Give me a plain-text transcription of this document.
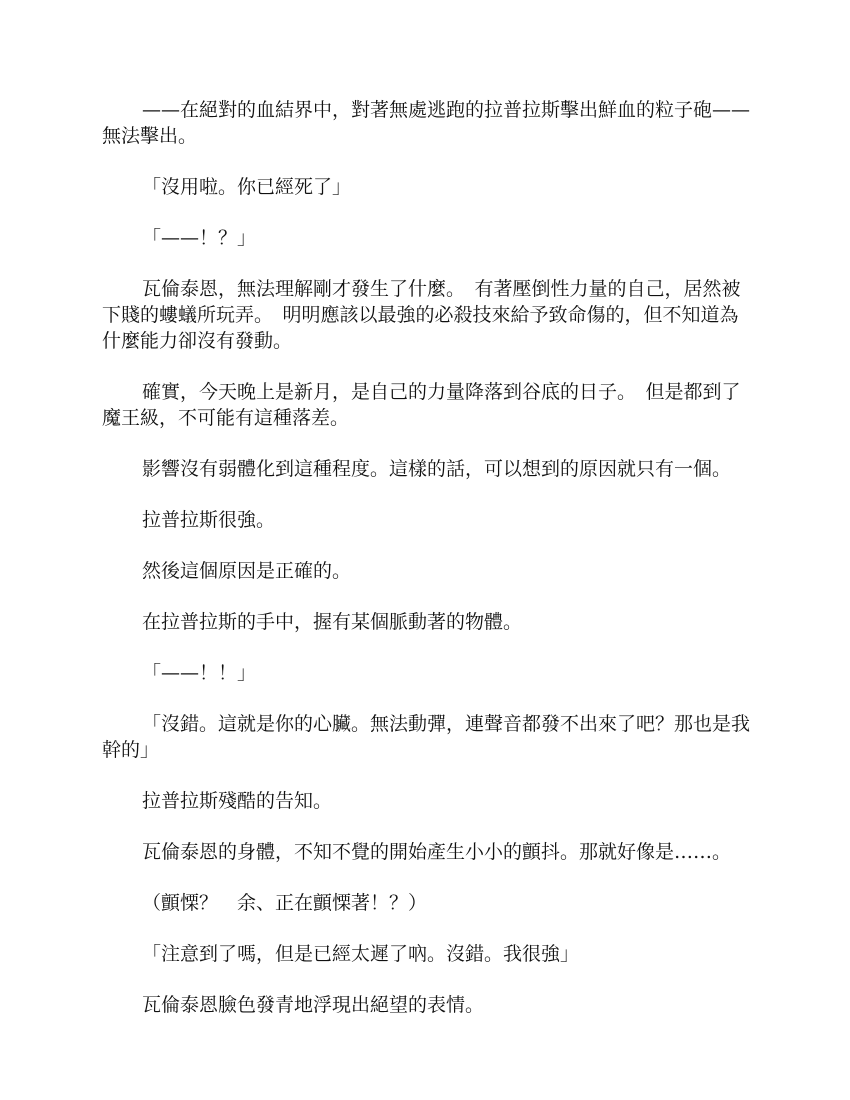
——在絕對的血結界中，對著無處逃跑的拉普拉斯擊出鮮血的粒子砲——無法擊出。

「沒用啦。你已經死了」

「——！？」

瓦倫泰恩，無法理解剛才發生了什麼。　有著壓倒性力量的自己，居然被下賤的螻蟻所玩弄。　明明應該以最強的必殺技來給予致命傷的，但不知道為什麼能力卻沒有發動。

確實，今天晚上是新月，是自己的力量降落到谷底的日子。　但是都到了魔王級，不可能有這種落差。

影響沒有弱體化到這種程度。這樣的話，可以想到的原因就只有一個。

拉普拉斯很強。

然後這個原因是正確的。

在拉普拉斯的手中，握有某個脈動著的物體。

「——！！」

「沒錯。這就是你的心臟。無法動彈，連聲音都發不出來了吧？那也是我幹的」

拉普拉斯殘酷的告知。

瓦倫泰恩的身體，不知不覺的開始產生小小的顫抖。那就好像是……。

（顫慄？　余、正在顫慄著！？）

「注意到了嗎，但是已經太遲了吶。沒錯。我很強」

瓦倫泰恩臉色發青地浮現出絕望的表情。
